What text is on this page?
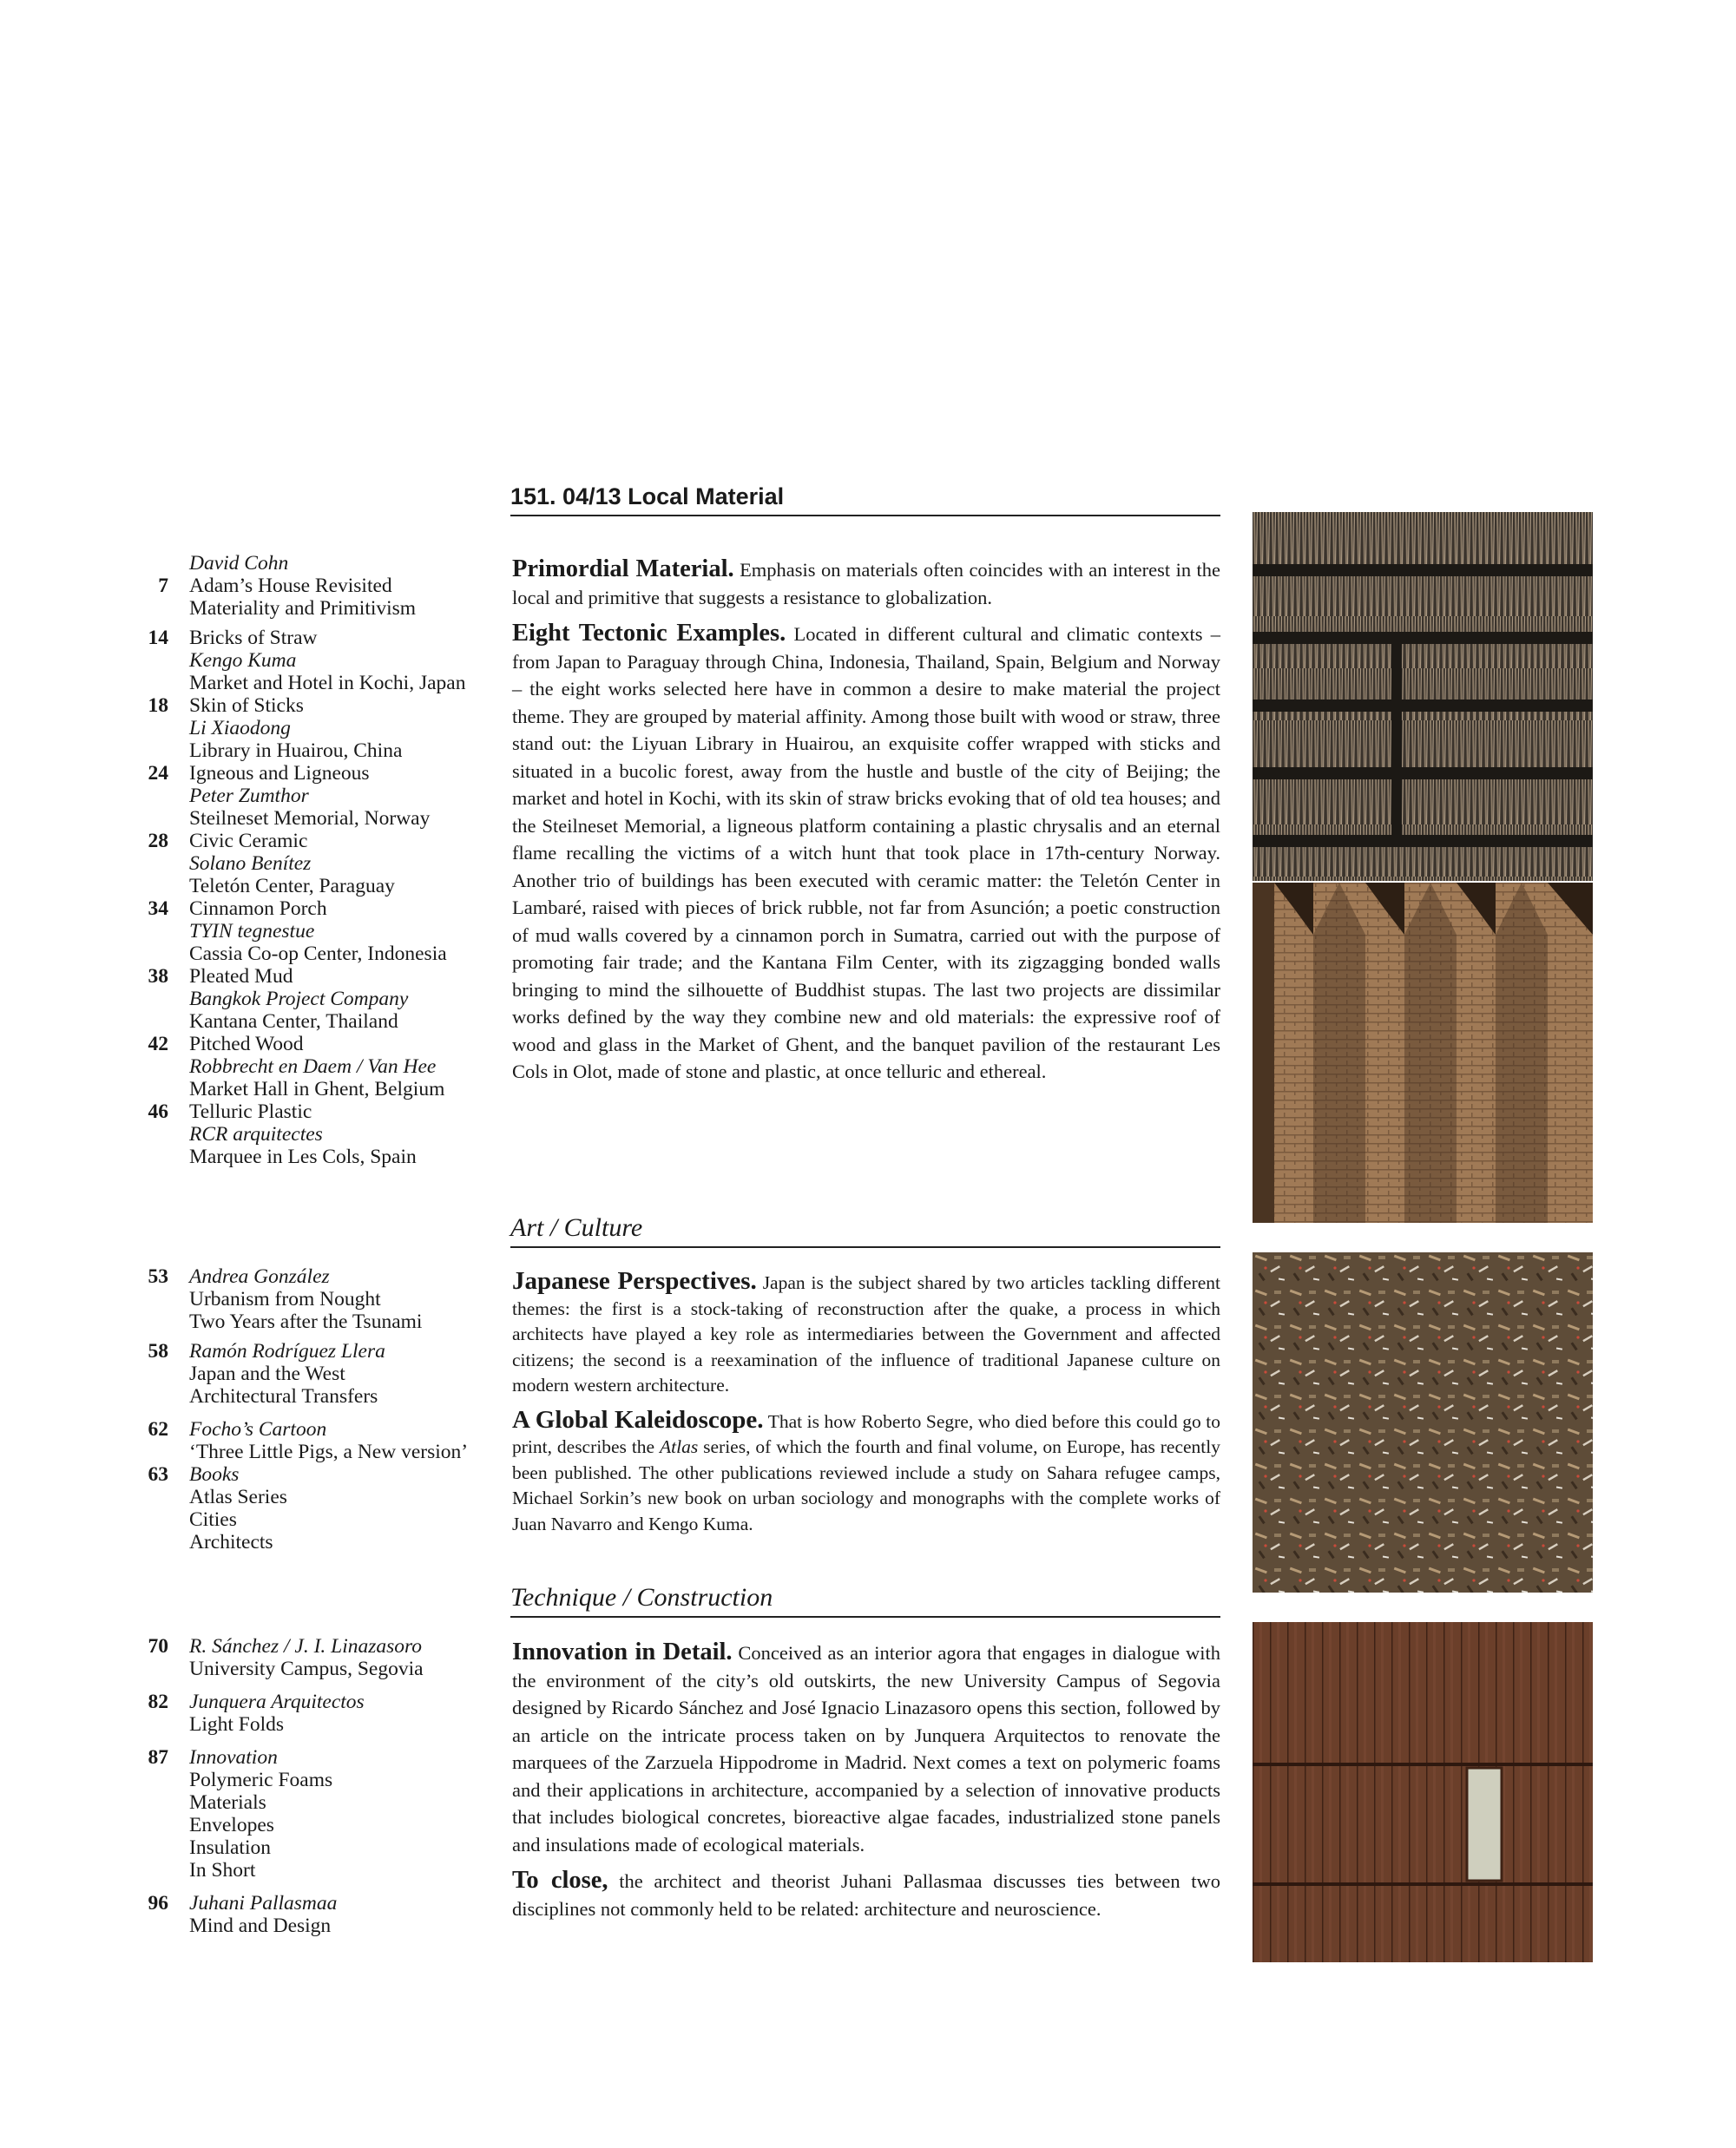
151. 04/13 Local Material
David Cohn
7 Adam’s House Revisited
Materiality and Primitivism
14 Bricks of Straw
Kengo Kuma
Market and Hotel in Kochi, Japan
18 Skin of Sticks
Li Xiaodong
Library in Huairou, China
24 Igneous and Ligneous
Peter Zumthor
Steilneset Memorial, Norway
28 Civic Ceramic
Solano Benítez
Teletón Center, Paraguay
34 Cinnamon Porch
TYIN tegnestue
Cassia Co-op Center, Indonesia
38 Pleated Mud
Bangkok Project Company
Kantana Center, Thailand
42 Pitched Wood
Robbrecht en Daem / Van Hee
Market Hall in Ghent, Belgium
46 Telluric Plastic
RCR arquitectes
Marquee in Les Cols, Spain
53 Andrea González
Urbanism from Nought
Two Years after the Tsunami
58 Ramón Rodríguez Llera
Japan and the West
Architectural Transfers
62 Focho’s Cartoon
‘Three Little Pigs, a New version’
63 Books
Atlas Series
Cities
Architects
70 R. Sánchez / J. I. Linazasoro
University Campus, Segovia
82 Junquera Arquitectos
Light Folds
87 Innovation
Polymeric Foams
Materials
Envelopes
Insulation
In Short
96 Juhani Pallasmaa
Mind and Design

Primordial Material. Emphasis on materials often coincides with an interest in the local and primitive that suggests a resistance to globalization.

Eight Tectonic Examples. Located in different cultural and climatic contexts – from Japan to Paraguay through China, Indonesia, Thailand, Spain, Belgium and Norway – the eight works selected here have in common a desire to make material the project theme. They are grouped by material affinity. Among those built with wood or straw, three stand out: the Liyuan Library in Huairou, an exquisite coffer wrapped with sticks and situated in a bucolic forest, away from the hustle and bustle of the city of Beijing; the market and hotel in Kochi, with its skin of straw bricks evoking that of old tea houses; and the Steilneset Memorial, a ligneous platform containing a plastic chrysalis and an eternal flame recalling the victims of a witch hunt that took place in 17th-century Norway. Another trio of buildings has been executed with ceramic matter: the Teletón Center in Lambaré, raised with pieces of brick rubble, not far from Asunción; a poetic construction of mud walls covered by a cinnamon porch in Sumatra, carried out with the purpose of promoting fair trade; and the Kantana Film Center, with its zigzagging bonded walls bringing to mind the silhouette of Buddhist stupas. The last two projects are dissimilar works defined by the way they combine new and old materials: the expressive roof of wood and glass in the Market of Ghent, and the banquet pavilion of the restaurant Les Cols in Olot, made of stone and plastic, at once telluric and ethereal.

Art / Culture

Japanese Perspectives. Japan is the subject shared by two articles tackling different themes: the first is a stock-taking of reconstruction after the quake, a process in which architects have played a key role as intermediaries between the Government and affected citizens; the second is a reexamination of the influence of traditional Japanese culture on modern western architecture.

A Global Kaleidoscope. That is how Roberto Segre, who died before this could go to print, describes the Atlas series, of which the fourth and final volume, on Europe, has recently been published. The other publications reviewed include a study on Sahara refugee camps, Michael Sorkin’s new book on urban sociology and monographs with the complete works of Juan Navarro and Kengo Kuma.

Technique / Construction

Innovation in Detail. Conceived as an interior agora that engages in dialogue with the environment of the city’s old outskirts, the new University Campus of Segovia designed by Ricardo Sánchez and José Ignacio Linazasoro opens this section, followed by an article on the intricate process taken on by Junquera Arquitectos to renovate the marquees of the Zarzuela Hippodrome in Madrid. Next comes a text on polymeric foams and their applications in architecture, accompanied by a selection of innovative products that includes biological concretes, bioreactive algae facades, industrialized stone panels and insulations made of ecological materials.

To close, the architect and theorist Juhani Pallasmaa discusses ties between two disciplines not commonly held to be related: architecture and neuroscience.
